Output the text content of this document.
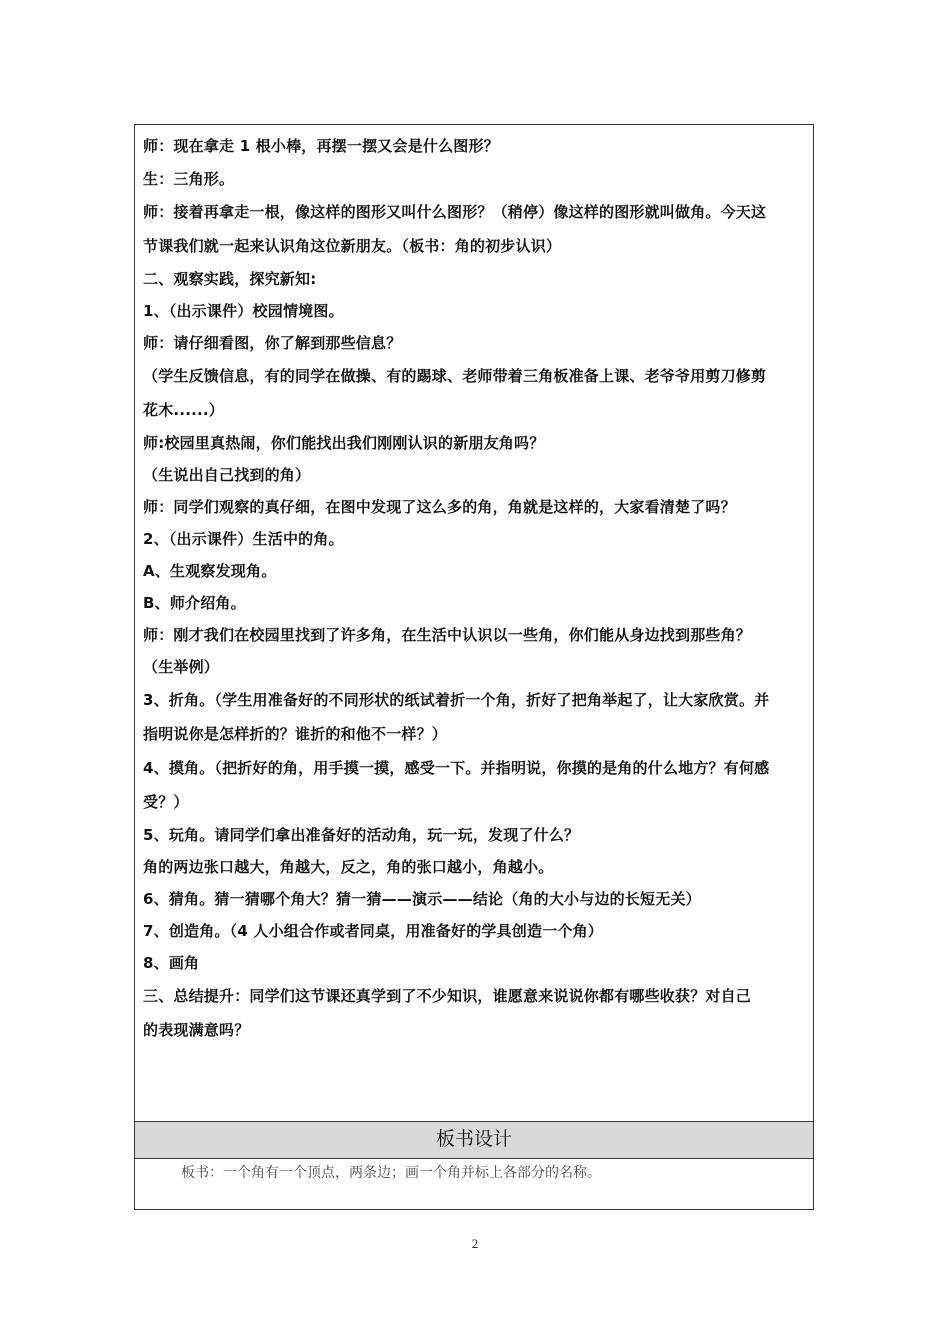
师：现在拿走 1 根小棒，再摆一摆又会是什么图形？
生：三角形。
师：接着再拿走一根，像这样的图形又叫什么图形？（稍停）像这样的图形就叫做角。今天这
节课我们就一起来认识角这位新朋友。（板书：角的初步认识）
二、观察实践，探究新知:
1、（出示课件）校园情境图。
师：请仔细看图，你了解到那些信息？
（学生反馈信息，有的同学在做操、有的踢球、老师带着三角板准备上课、老爷爷用剪刀修剪
花木......）
师:校园里真热闹，你们能找出我们刚刚认识的新朋友角吗？
（生说出自己找到的角）
师：同学们观察的真仔细，在图中发现了这么多的角，角就是这样的，大家看清楚了吗？
2、（出示课件）生活中的角。
A、生观察发现角。
B、师介绍角。
师：刚才我们在校园里找到了许多角，在生活中认识以一些角，你们能从身边找到那些角？
（生举例）
3、折角。（学生用准备好的不同形状的纸试着折一个角，折好了把角举起了，让大家欣赏。并
指明说你是怎样折的？谁折的和他不一样？）
4、摸角。（把折好的角，用手摸一摸，感受一下。并指明说，你摸的是角的什么地方？有何感
受？）
5、玩角。请同学们拿出准备好的活动角，玩一玩，发现了什么？
角的两边张口越大，角越大，反之，角的张口越小，角越小。
6、猜角。猜一猜哪个角大？猜一猜——演示——结论（角的大小与边的长短无关）
7、创造角。（4 人小组合作或者同桌，用准备好的学具创造一个角）
8、画角
三、总结提升：同学们这节课还真学到了不少知识，谁愿意来说说你都有哪些收获？对自己
的表现满意吗？
板书设计
板书：一个角有一个顶点，两条边；画一个角并标上各部分的名称。
2
